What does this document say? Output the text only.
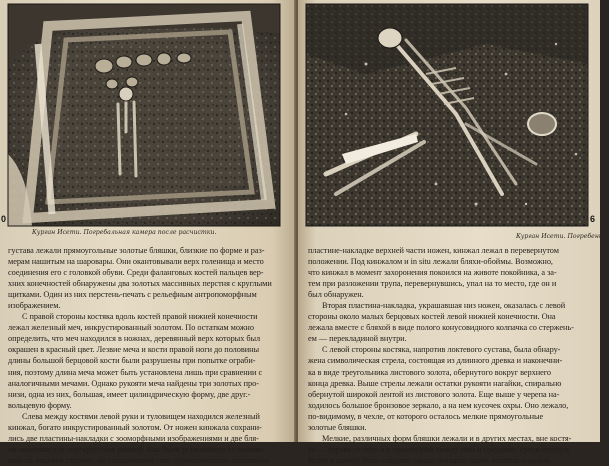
Курган Исети. Погребальная камера после расчистки.
0

густава лежали прямоугольные золотые бляшки, близкие по форме и раз-
мерам нашитым на шаровары. Они окантовывали верх голенища и место
соединения его с головкой обуви. Среди фаланговых костей пальцев вер-
хних конечностей обнаружены два золотых массивных перстня с круглыми
щитками. Один из них перстень-печать с рельефным антропоморфным
изображением.

С правой стороны костяка вдоль костей правой нижней конечности
лежал железный меч, инкрустированный золотом. По остаткам можно
определить, что меч находился в ножнах, деревянный верх которых был
окрашен в красный цвет. Лезвие меча и кости правой ноги до половины
длины большой берцовой кости были разрушены при попытке ограби-
ния, поэтому длина меча может быть установлена лишь при сравнении с
аналогичными мечами. Однако рукояти меча найдены три золотых про-
низи, одна из них, большая, имеет цилиндрическую форму, две друг.-
вольцевую форму.

Слева между костями левой руки и туловищем находился железный
кинжал, богато инкрустированный золотом. От ножен кинжала сохрани-
лись две пластины-накладки с зооморфными изображениями и две бля-
хи-заклепки для перекрестных ремней. Как было установлено по положе-
нию на лицевой стороне, но сохранившей свое первоначальное положения

Курган Исети. Погребение.
6

пластине-накладке верхней части ножен, кинжал лежал в перевернутом
положении. Под кинжалом и in situ лежали бляхи-обоймы. Возможно,
что кинжал в момент захоронения покоился на животе покойника, а за-
тем при разложении трупа, перевернувшись, упал на то место, где он и
был обнаружен.

Вторая пластина-накладка, украшавшая низ ножен, оказалась с левой
стороны около малых берцовых костей левой нижней конечности. Она
лежала вместе с бляхой в виде полого конусовидного колпачка со стержень-
ем — перекладиной внутри.

С левой стороны костяка, напротив локтевого сустава, была обнару-
жена символическая стрела, состоящая из длинного древка и наконечни-
ка в виде треугольника листового золота, обернутого вокруг верхнего
конца древка. Выше стрелы лежали остатки рукояти нагайки, спирально
обернутой широкой лентой из листового золота. Еще выше у черепа на-
ходилось большое бронзовое зеркало, а на нем кусочек охры. Оно лежало,
по-видимому, в чехле, от которого осталось мелкие прямоугольные
золотые бляшки.

Мелкие, различных форм бляшки лежали и в других местах, вне костя-
ка — справа от него и в промежутке между ним и сосудами, среди сосудов.
Всего в камере было найдено свыше четырех тысяч золотых изделий.
